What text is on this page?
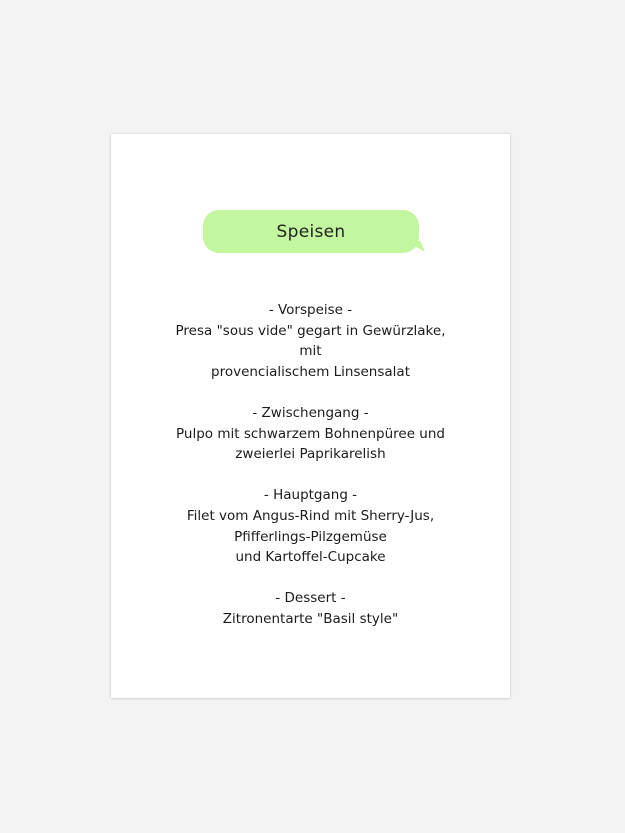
Speisen
- Vorspeise -
Presa "sous vide" gegart in Gewürzlake,
mit
provencialischem Linsensalat
- Zwischengang -
Pulpo mit schwarzem Bohnenpüree und
zweierlei Paprikarelish
- Hauptgang -
Filet vom Angus-Rind mit Sherry-Jus,
Pfifferlings-Pilzgemüse
und Kartoffel-Cupcake
- Dessert -
Zitronentarte "Basil style"
